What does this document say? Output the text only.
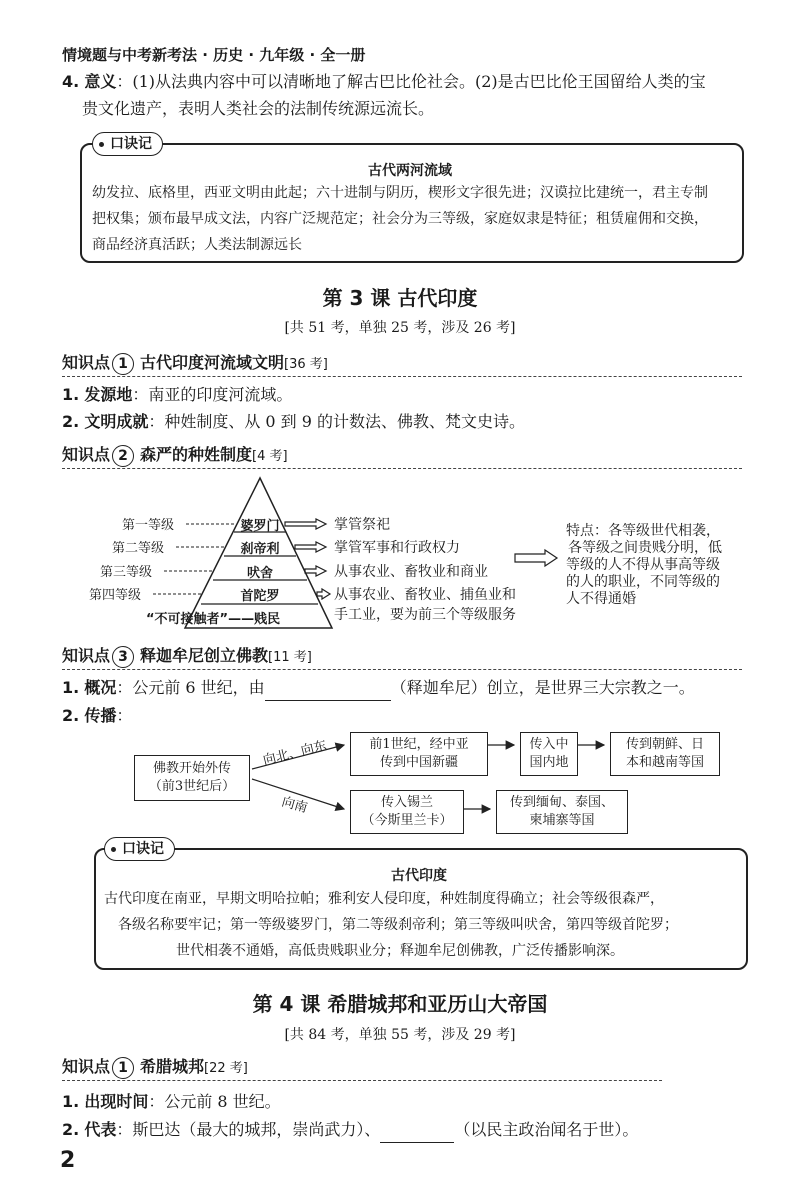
情境题与中考新考法 · 历史 · 九年级 · 全一册
4. 意义：(1)从法典内容中可以清晰地了解古巴比伦社会。(2)是古巴比伦王国留给人类的宝
贵文化遗产，表明人类社会的法制传统源远流长。
口诀记
古代两河流域
幼发拉、底格里，西亚文明由此起；六十进制与阴历，楔形文字很先进；汉谟拉比建统一，君主专制
把权集；颁布最早成文法，内容广泛规范定；社会分为三等级，家庭奴隶是特征；租赁雇佣和交换，
商品经济真活跃；人类法制源远长
第 3 课 古代印度
[共 51 考，单独 25 考，涉及 26 考]
知识点 1 古代印度河流域文明[36 考]
1. 发源地：南亚的印度河流域。
2. 文明成就：种姓制度、从 0 到 9 的计数法、佛教、梵文史诗。
知识点 2 森严的种姓制度[4 考]
第一等级
第二等级
第三等级
第四等级
婆罗门
刹帝利
吠舍
首陀罗
“不可接触者”——贱民
掌管祭祀
掌管军事和行政权力
从事农业、畜牧业和商业
从事农业、畜牧业、捕鱼业和
手工业，要为前三个等级服务
特点：各等级世代相袭，
各等级之间贵贱分明，低
等级的人不得从事高等级
的人的职业，不同等级的
人不得通婚
知识点 3 释迦牟尼创立佛教[11 考]
1. 概况：公元前 6 世纪，由	（释迦牟尼）创立，是世界三大宗教之一。
2. 传播：
佛教开始外传
（前3世纪后）
向北、向东
向南
前1世纪，经中亚
传到中国新疆
传入中
国内地
传到朝鲜、日
本和越南等国
传入锡兰
（今斯里兰卡）
传到缅甸、泰国、
柬埔寨等国
口诀记
古代印度
古代印度在南亚，早期文明哈拉帕；雅利安人侵印度，种姓制度得确立；社会等级很森严，
各级名称要牢记；第一等级婆罗门，第二等级刹帝利；第三等级叫吠舍，第四等级首陀罗；
世代相袭不通婚，高低贵贱职业分；释迦牟尼创佛教，广泛传播影响深。
第 4 课 希腊城邦和亚历山大帝国
[共 84 考，单独 55 考，涉及 29 考]
知识点 1 希腊城邦[22 考]
1. 出现时间：公元前 8 世纪。
2. 代表：斯巴达（最大的城邦，崇尚武力）、	（以民主政治闻名于世）。
2
